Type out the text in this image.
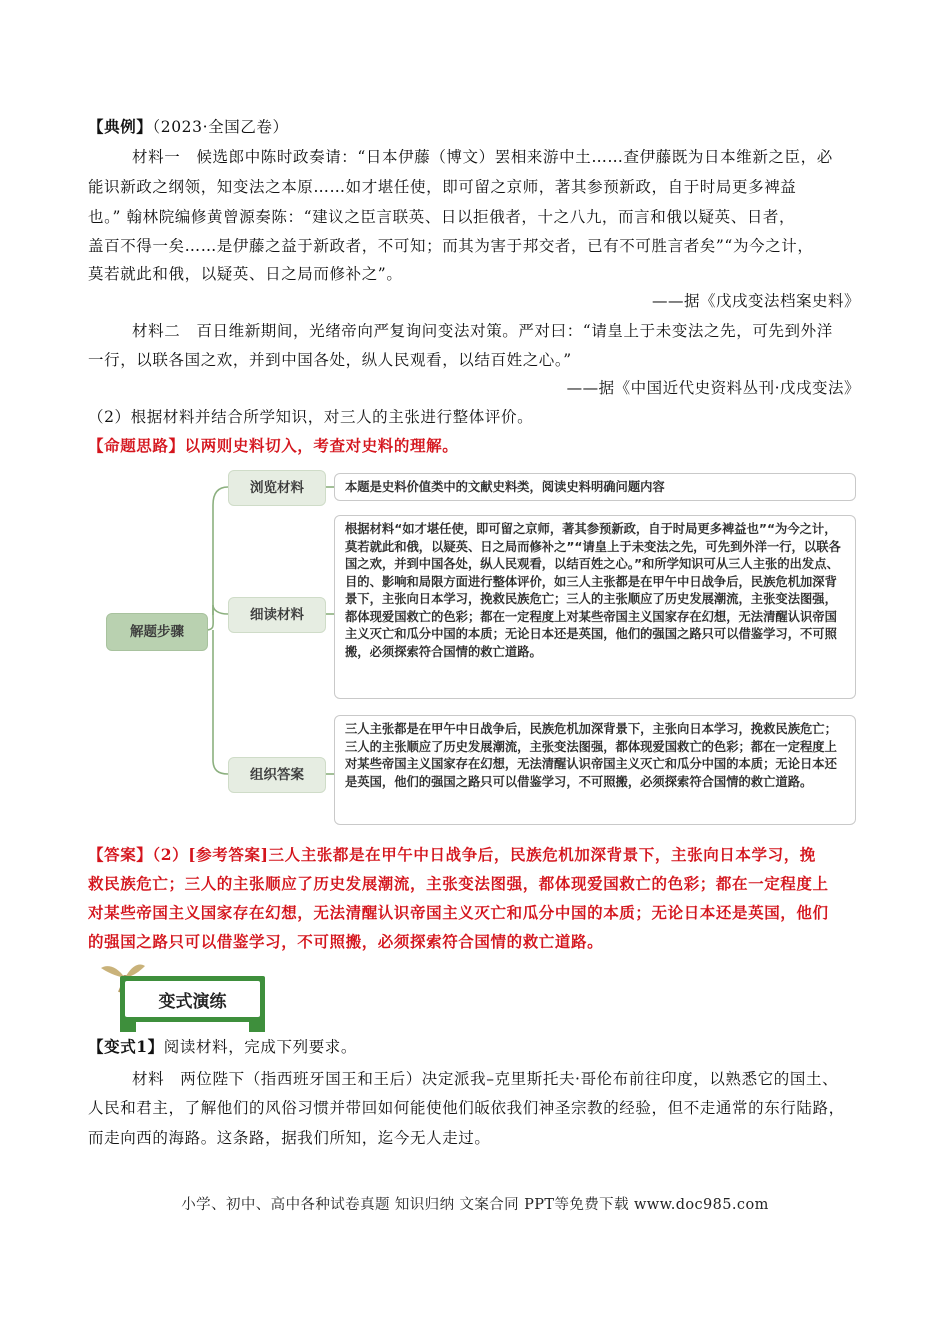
【典例】（2023·全国乙卷）
材料一　候选郎中陈时政奏请：“日本伊藤（博文）罢相来游中土……查伊藤既为日本维新之臣，必
能识新政之纲领，知变法之本原……如才堪任使，即可留之京师，著其参预新政，自于时局更多裨益
也。” 翰林院编修黄曾源奏陈：“建议之臣言联英、日以拒俄者，十之八九，而言和俄以疑英、日者，
盖百不得一矣……是伊藤之益于新政者，不可知；而其为害于邦交者，已有不可胜言者矣”“为今之计，
莫若就此和俄，以疑英、日之局而修补之”。
——据《戊戌变法档案史料》
材料二　百日维新期间，光绪帝向严复询问变法对策。严对曰：“请皇上于未变法之先，可先到外洋
一行，以联各国之欢，并到中国各处，纵人民观看，以结百姓之心。”
——据《中国近代史资料丛刊·戊戌变法》
（2）根据材料并结合所学知识，对三人的主张进行整体评价。
【命题思路】以两则史料切入，考查对史料的理解。
解题步骤
浏览材料	本题是史料价值类中的文献史料类，阅读史料明确问题内容
细读材料
根据材料“如才堪任使，即可留之京师，著其参预新政，自于时局更多裨益也”“为今之计，莫若就此和俄，以疑英、日之局而修补之”“请皇上于未变法之先，可先到外洋一行，以联各国之欢，并到中国各处，纵人民观看，以结百姓之心。”和所学知识可从三人主张的出发点、目的、影响和局限方面进行整体评价，如三人主张都是在甲午中日战争后，民族危机加深背景下，主张向日本学习，挽救民族危亡；三人的主张顺应了历史发展潮流，主张变法图强，都体现爱国救亡的色彩；都在一定程度上对某些帝国主义国家存在幻想，无法清醒认识帝国主义灭亡和瓜分中国的本质；无论日本还是英国，他们的强国之路只可以借鉴学习，不可照搬，必须探索符合国情的救亡道路。
组织答案
三人主张都是在甲午中日战争后，民族危机加深背景下，主张向日本学习，挽救民族危亡；三人的主张顺应了历史发展潮流，主张变法图强，都体现爱国救亡的色彩；都在一定程度上对某些帝国主义国家存在幻想，无法清醒认识帝国主义灭亡和瓜分中国的本质；无论日本还是英国，他们的强国之路只可以借鉴学习，不可照搬，必须探索符合国情的救亡道路。
【答案】（2）[参考答案]三人主张都是在甲午中日战争后，民族危机加深背景下，主张向日本学习，挽
救民族危亡；三人的主张顺应了历史发展潮流，主张变法图强，都体现爱国救亡的色彩；都在一定程度上
对某些帝国主义国家存在幻想，无法清醒认识帝国主义灭亡和瓜分中国的本质；无论日本还是英国，他们
的强国之路只可以借鉴学习，不可照搬，必须探索符合国情的救亡道路。
变式演练
【变式1】阅读材料，完成下列要求。
材料　两位陛下（指西班牙国王和王后）决定派我–克里斯托夫·哥伦布前往印度，以熟悉它的国土、
人民和君主，了解他们的风俗习惯并带回如何能使他们皈依我们神圣宗教的经验，但不走通常的东行陆路，
而走向西的海路。这条路，据我们所知，迄今无人走过。
小学、初中、高中各种试卷真题 知识归纳 文案合同 PPT等免费下载 www.doc985.com
